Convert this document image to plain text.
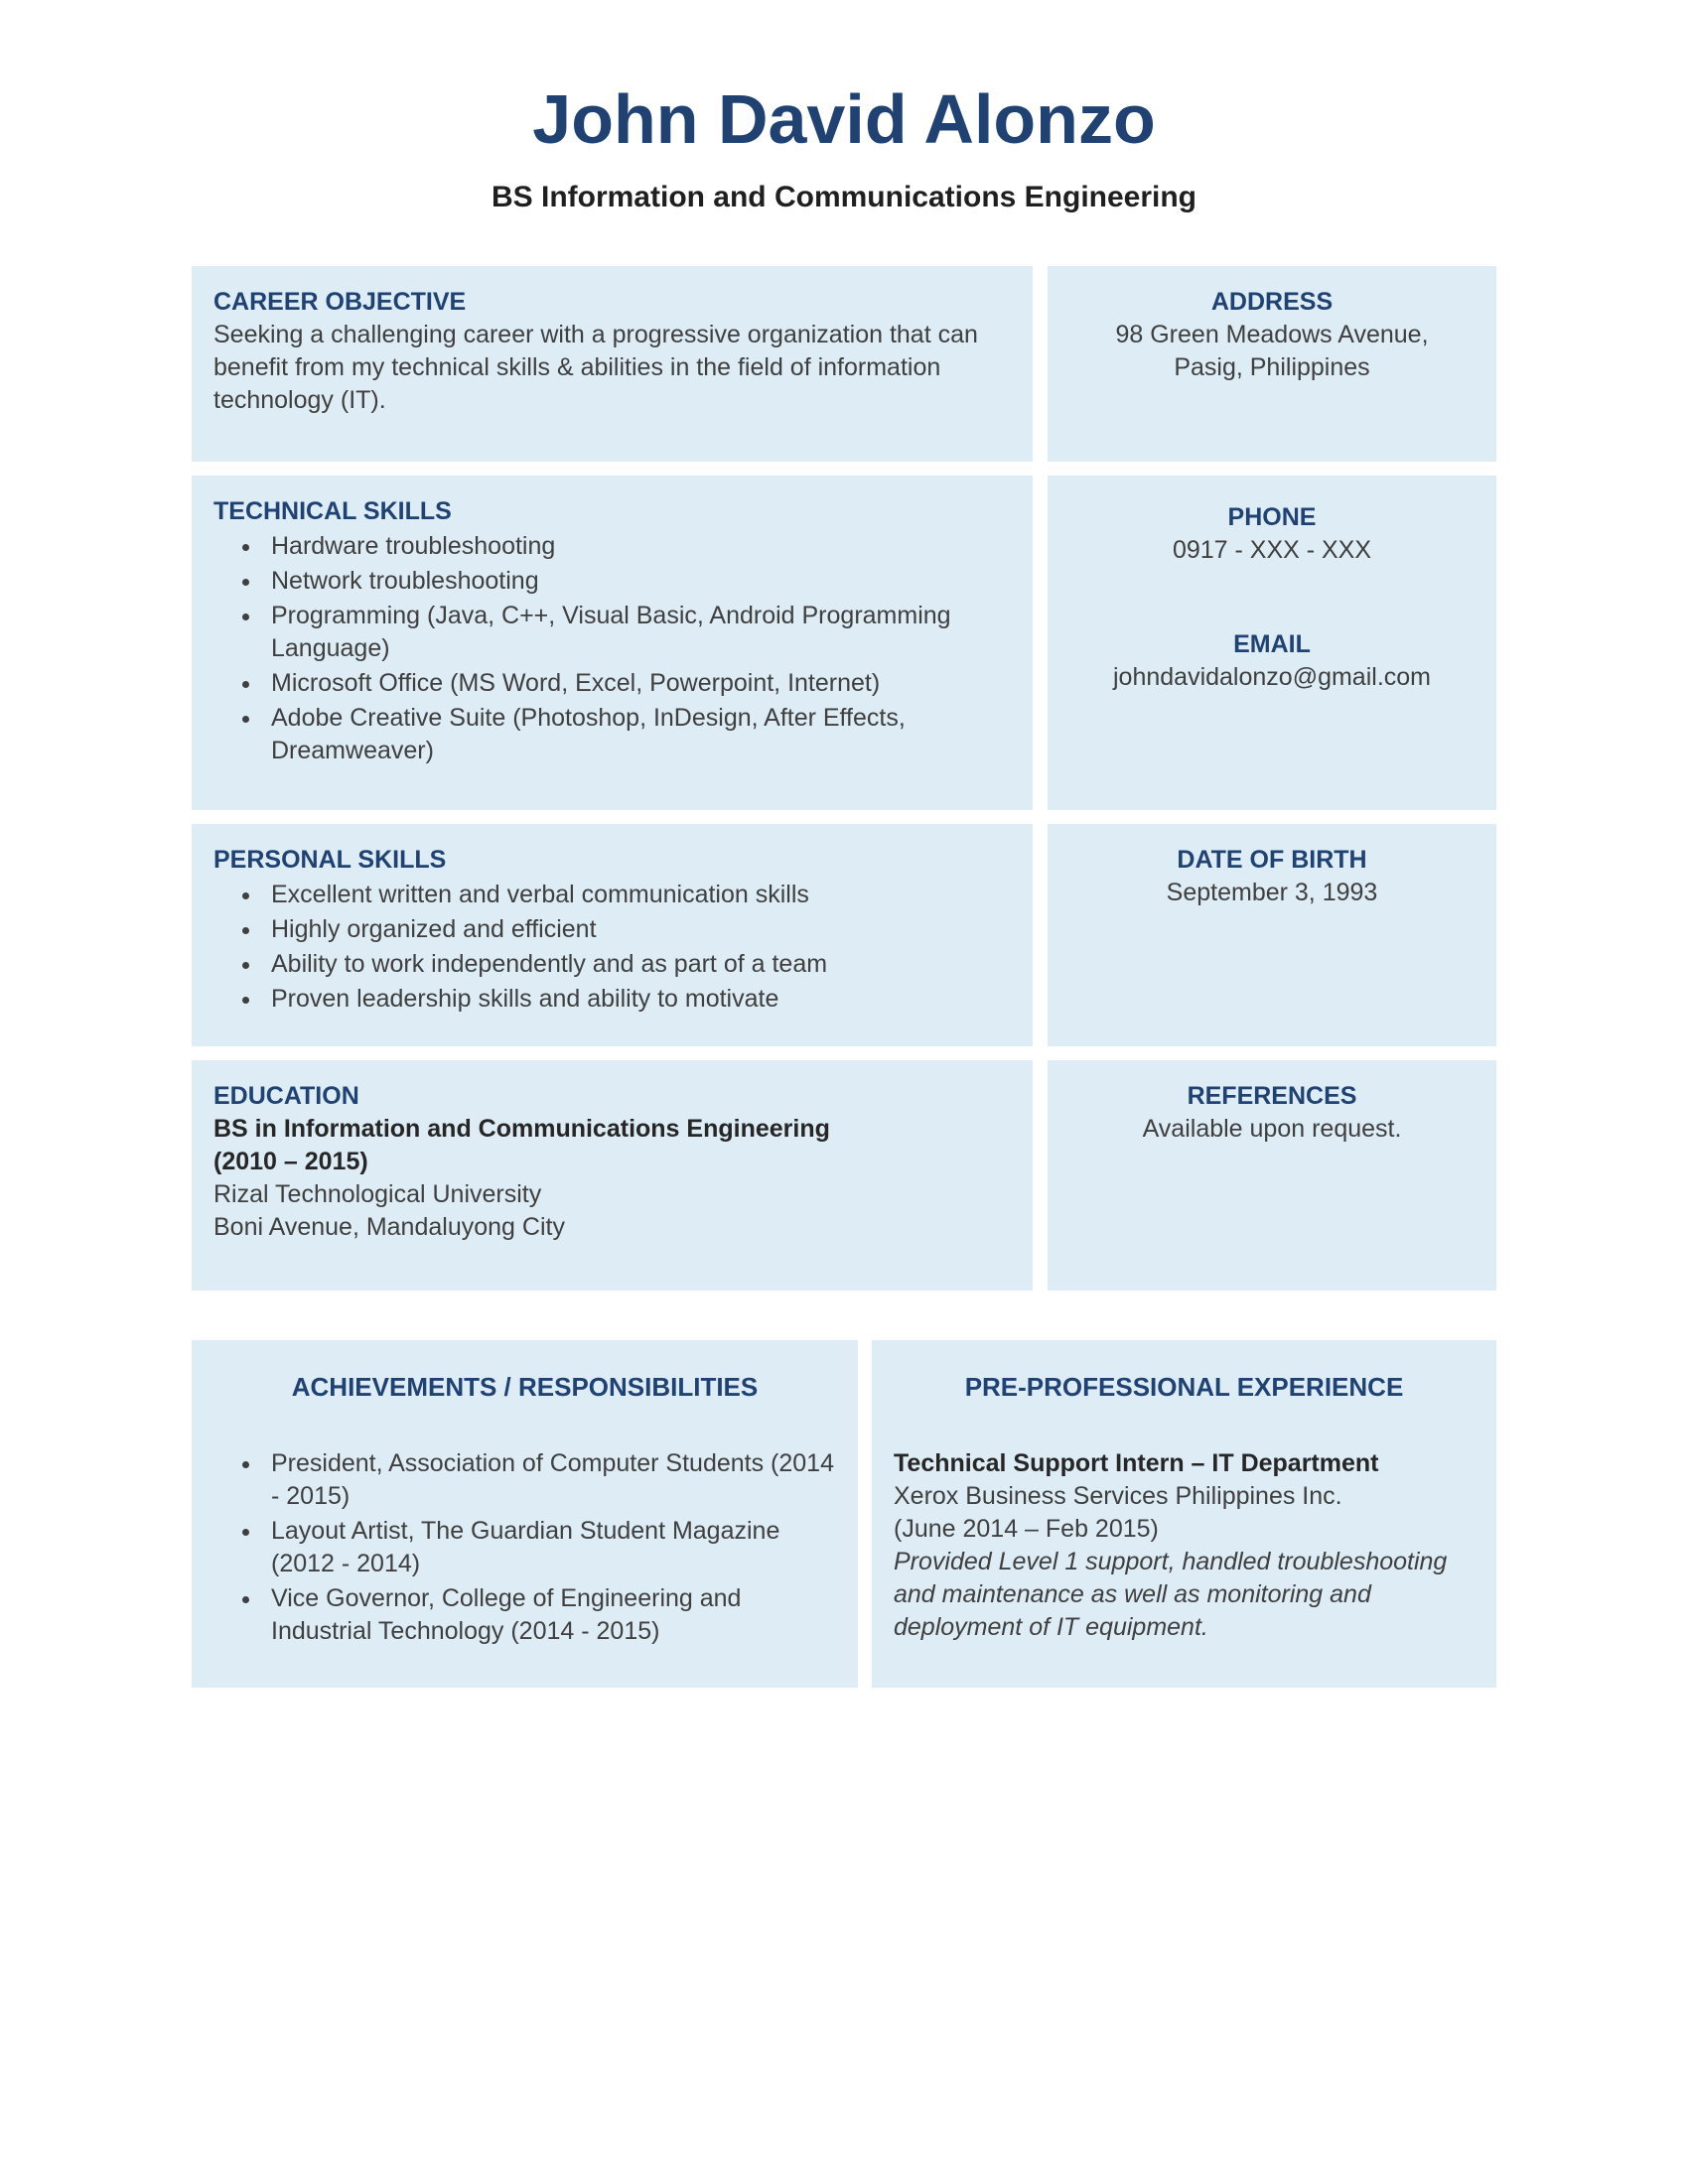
John David Alonzo
BS Information and Communications Engineering
CAREER OBJECTIVE
Seeking a challenging career with a progressive organization that can benefit from my technical skills & abilities in the field of information technology (IT).
ADDRESS
98 Green Meadows Avenue,
Pasig, Philippines
TECHNICAL SKILLS
• Hardware troubleshooting
• Network troubleshooting
• Programming (Java, C++, Visual Basic, Android Programming Language)
• Microsoft Office (MS Word, Excel, Powerpoint, Internet)
• Adobe Creative Suite (Photoshop, InDesign, After Effects, Dreamweaver)
PHONE
0917 - XXX - XXX
EMAIL
johndavidalonzo@gmail.com
PERSONAL SKILLS
• Excellent written and verbal communication skills
• Highly organized and efficient
• Ability to work independently and as part of a team
• Proven leadership skills and ability to motivate
DATE OF BIRTH
September 3, 1993
EDUCATION
BS in Information and Communications Engineering
(2010 – 2015)
Rizal Technological University
Boni Avenue, Mandaluyong City
REFERENCES
Available upon request.
ACHIEVEMENTS / RESPONSIBILITIES
• President, Association of Computer Students (2014 - 2015)
• Layout Artist, The Guardian Student Magazine (2012 - 2014)
• Vice Governor, College of Engineering and Industrial Technology (2014 - 2015)
PRE-PROFESSIONAL EXPERIENCE
Technical Support Intern – IT Department
Xerox Business Services Philippines Inc.
(June 2014 – Feb 2015)
Provided Level 1 support, handled troubleshooting and maintenance as well as monitoring and deployment of IT equipment.
